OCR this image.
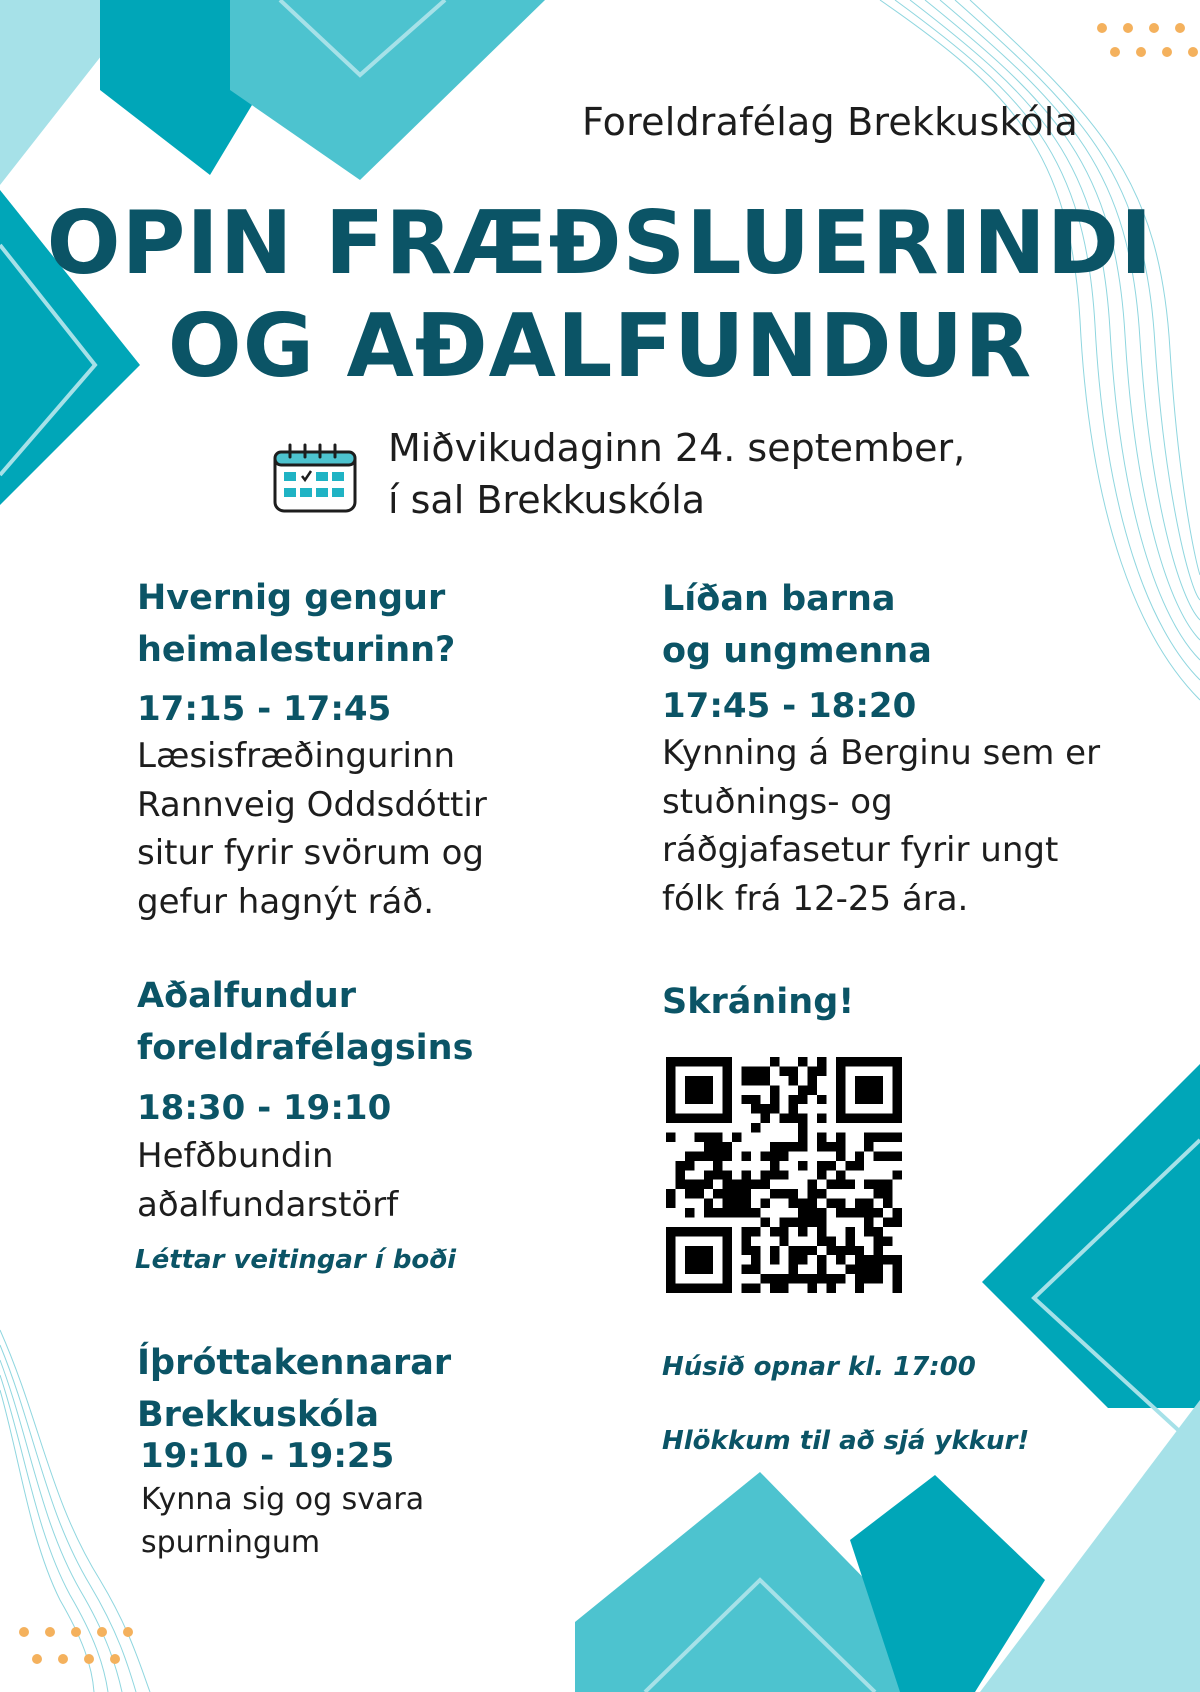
Foreldrafélag Brekkuskóla

OPIN FRÆÐSLUERINDI

OG AÐALFUNDUR

Miðvikudaginn 24. september,
í sal Brekkuskóla

Hvernig gengur
heimalesturinn?
17:15 - 17:45
Læsisfræðingurinn
Rannveig Oddsdóttir
situr fyrir svörum og
gefur hagnýt ráð.
Líðan barna
og ungmenna
17:45 - 18:20
Kynning á Berginu sem er
stuðnings- og
ráðgjafasetur fyrir ungt
fólk frá 12-25 ára.
Aðalfundur
foreldrafélagsins
18:30 - 19:10
Hefðbundin
aðalfundarstörf
Léttar veitingar í boði
Íþróttakennarar
Brekkuskóla
19:10 - 19:25
Kynna sig og svara
spurningum
Skráning!
Húsið opnar kl. 17:00
Hlökkum til að sjá ykkur!
